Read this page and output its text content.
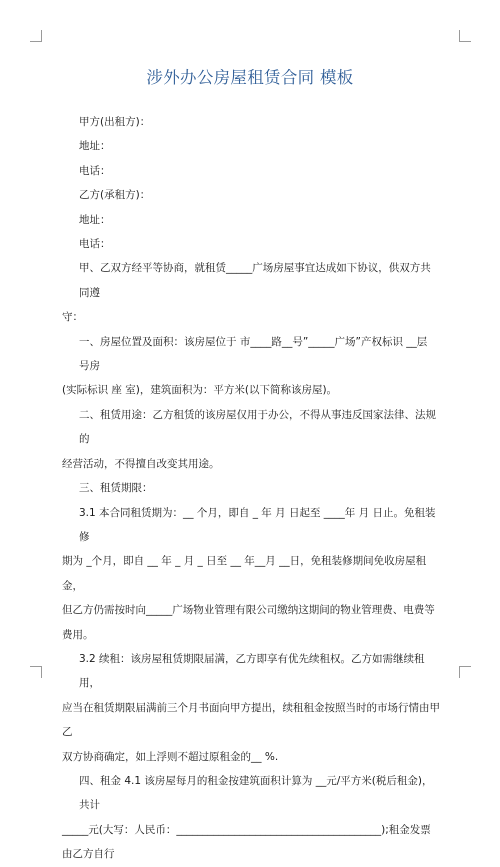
涉外办公房屋租赁合同 模板

甲方(出租方)：

地址：

电话：

乙方(承租方)：

地址：

电话：

甲、乙双方经平等协商，就租赁_____广场房屋事宜达成如下协议，供双方共同遵

守：

一、房屋位置及面积：该房屋位于 市____路__号”_____广场”产权标识 __层 号房

(实际标识 座 室)，建筑面积为：平方米(以下简称该房屋)。

二、租赁用途：乙方租赁的该房屋仅用于办公，不得从事违反国家法律、法规的

经营活动，不得擅自改变其用途。

三、租赁期限：

3.1 本合同租赁期为：__ 个月，即自 _ 年 月 日起至 ____年 月 日止。免租装修

期为 _个月，即自 __ 年 _ 月 _ 日至 __ 年__月 __日，免租装修期间免收房屋租金，

但乙方仍需按时向_____广场物业管理有限公司缴纳这期间的物业管理费、电费等费用。

3.2 续租：该房屋租赁期限届满，乙方即享有优先续租权。乙方如需继续租用，

应当在租赁期限届满前三个月书面向甲方提出，续租租金按照当时的市场行情由甲乙

双方协商确定，如上浮则不超过原租金的__ %.

四、租金 4.1 该房屋每月的租金按建筑面积计算为 __元/平方米(税后租金)，共计

_____元(大写：人民币：_______________________________________);租金发票由乙方自行
